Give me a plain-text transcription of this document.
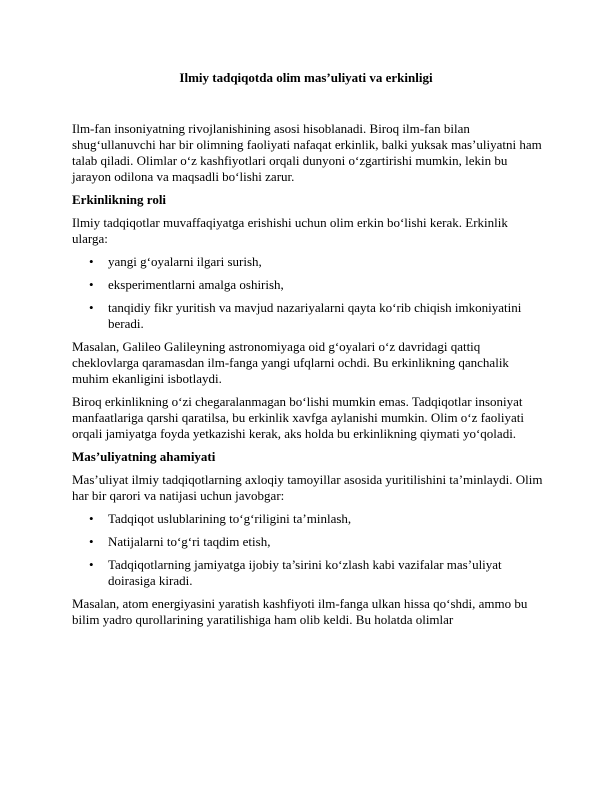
Ilmiy tadqiqotda olim mas’uliyati va erkinligi

Ilm-fan insoniyatning rivojlanishining asosi hisoblanadi. Biroq ilm-fan bilan shug‘ullanuvchi har bir olimning faoliyati nafaqat erkinlik, balki yuksak mas’uliyatni ham talab qiladi. Olimlar o‘z kashfiyotlari orqali dunyoni o‘zgartirishi mumkin, lekin bu jarayon odilona va maqsadli bo‘lishi zarur.

Erkinlikning roli

Ilmiy tadqiqotlar muvaffaqiyatga erishishi uchun olim erkin bo‘lishi kerak. Erkinlik ularga:

• yangi g‘oyalarni ilgari surish,
• eksperimentlarni amalga oshirish,
• tanqidiy fikr yuritish va mavjud nazariyalarni qayta ko‘rib chiqish imkoniyatini beradi.

Masalan, Galileo Galileyning astronomiyaga oid g‘oyalari o‘z davridagi qattiq cheklovlarga qaramasdan ilm-fanga yangi ufqlarni ochdi. Bu erkinlikning qanchalik muhim ekanligini isbotlaydi.

Biroq erkinlikning o‘zi chegaralanmagan bo‘lishi mumkin emas. Tadqiqotlar insoniyat manfaatlariga qarshi qaratilsa, bu erkinlik xavfga aylanishi mumkin. Olim o‘z faoliyati orqali jamiyatga foyda yetkazishi kerak, aks holda bu erkinlikning qiymati yo‘qoladi.

Mas’uliyatning ahamiyati

Mas’uliyat ilmiy tadqiqotlarning axloqiy tamoyillar asosida yuritilishini ta’minlaydi. Olim har bir qarori va natijasi uchun javobgar:

• Tadqiqot uslublarining to‘g‘riligini ta’minlash,
• Natijalarni to‘g‘ri taqdim etish,
• Tadqiqotlarning jamiyatga ijobiy ta’sirini ko‘zlash kabi vazifalar mas’uliyat doirasiga kiradi.

Masalan, atom energiyasini yaratish kashfiyoti ilm-fanga ulkan hissa qo‘shdi, ammo bu bilim yadro qurollarining yaratilishiga ham olib keldi. Bu holatda olimlar
